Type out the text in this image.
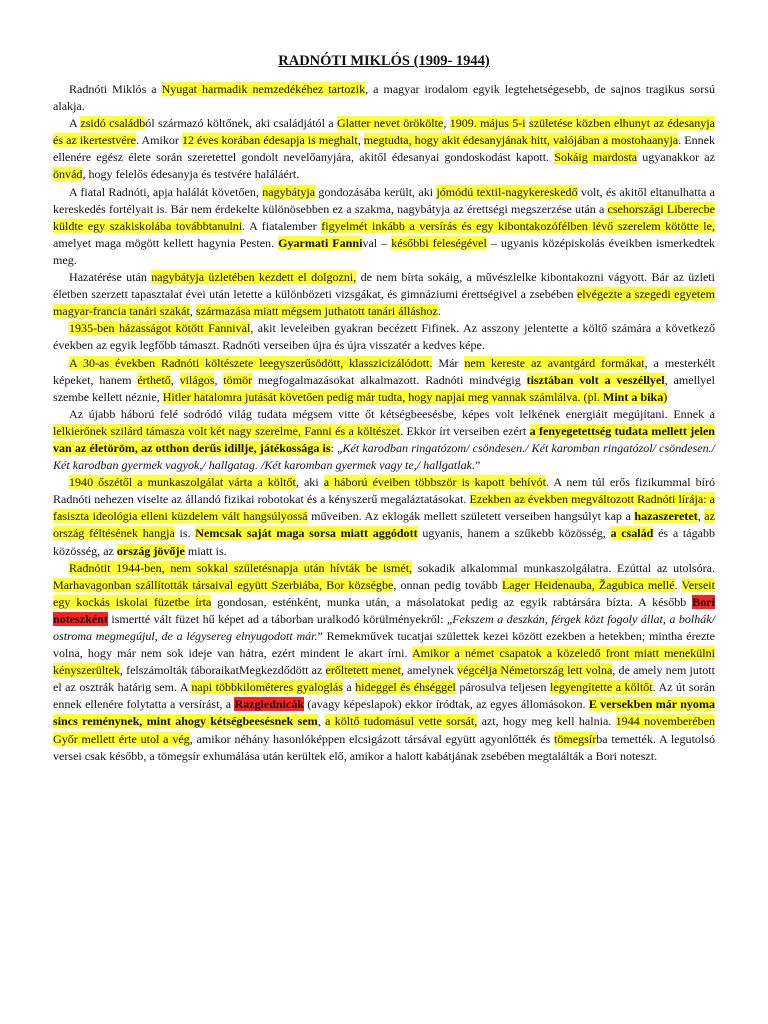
RADNÓTI MIKLÓS (1909- 1944)

Radnóti Miklós a Nyugat harmadik nemzedékéhez tartozik, a magyar irodalom egyik legtehetségesebb, de sajnos tragikus sorsú alakja.

A zsidó családból származó költőnek, aki családjától a Glatter nevet örökölte, 1909. május 5-i születése közben elhunyt az édesanyja és az ikertestvére. Amikor 12 éves korában édesapja is meghalt, megtudta, hogy akit édesanyjának hitt, valójában a mostohaanyja. Ennek ellenére egész élete során szeretettel gondolt nevelőanyjára, akitől édesanyai gondoskodást kapott. Sokáig mardosta ugyanakkor az önvád, hogy felelős édesanyja és testvére haláláért.

A fiatal Radnóti, apja halálát követően, nagybátyja gondozásába került, aki jómódú textil-nagykereskedő volt, és akitől eltanulhatta a kereskedés fortélyait is. Bár nem érdekelte különösebben ez a szakma, nagybátyja az érettségi megszerzése után a csehországi Liberecbe küldte egy szakiskolába továbbtanulni. A fiatalember figyelmét inkább a versírás és egy kibontakozófélben lévő szerelem kötötte le, amelyet maga mögött kellett hagynia Pesten. Gyarmati Fannival – későbbi feleségével – ugyanis középiskolás éveikben ismerkedtek meg.

Hazatérése után nagybátyja üzletében kezdett el dolgozni, de nem bírta sokáig, a művészlelke kibontakozni vágyott. Bár az üzleti életben szerzett tapasztalat évei után letette a különbözeti vizsgákat, és gimnáziumi érettségivel a zsebében elvégezte a szegedi egyetem magyar-francia tanári szakát, származása miatt mégsem juthatott tanári álláshoz.

1935-ben házasságot kötött Fannival, akit leveleiben gyakran becézett Fifinek. Az asszony jelentette a költő számára a következő években az egyik legfőbb támaszt. Radnóti verseiben újra és újra visszatér a kedves képe.

A 30-as években Radnóti költészete leegyszerűsödött, klasszicizálódott. Már nem kereste az avantgárd formákat, a mesterkélt képeket, hanem érthető, világos, tömör megfogalmazásokat alkalmazott. Radnóti mindvégig tisztában volt a veszéllyel, amellyel szembe kellett néznie, Hitler hatalomra jutását követően pedig már tudta, hogy napjai meg vannak számlálva. (pl. Mint a bika)

Az újabb háború felé sodródó világ tudata mégsem vitte őt kétségbeesésbe, képes volt lelkének energiáit megújítani. Ennek a lelkierőnek szilárd támasza volt két nagy szerelme, Fanni és a költészet. Ekkor írt verseiben ezért a fenyegetettség tudata mellett jelen van az életöröm, az otthon derűs idillje, játékossága is: „Két karodban ringatózom/ csöndesen./ Két karomban ringatózol/ csöndesen./ Két karodban gyermek vagyok,/ hallgatag. /Két karomban gyermek vagy te,/ hallgatlak.”

1940 őszétől a munkaszolgálat várta a költőt, aki a háború éveiben többször is kapott behívót. A nem túl erős fizikummal bíró Radnóti nehezen viselte az állandó fizikai robotokat és a kényszerű megaláztatásokat. Ezekben az években megváltozott Radnóti lírája: a fasiszta ideológia elleni küzdelem vált hangsúlyossá műveiben. Az eklogák mellett született verseiben hangsúlyt kap a hazaszeretet, az ország féltésének hangja is. Nemcsak saját maga sorsa miatt aggódott ugyanis, hanem a szűkebb közösség, a család és a tágabb közösség, az ország jövője miatt is.

Radnótit 1944-ben, nem sokkal születésnapja után hívták be ismét, sokadik alkalommal munkaszolgálatra. Ezúttal az utolsóra. Marhavagonban szállították társaival együtt Szerbiába, Bor községbe, onnan pedig tovább Lager Heidenauba, Žagubica mellé. Verseit egy kockás iskolai füzetbe írta gondosan, esténként, munka után, a másolatokat pedig az egyik rabtársára bízta. A később Bori noteszként ismertté vált füzet hű képet ad a táborban uralkodó körülményekről: „Fekszem a deszkán, férgek közt fogoly állat, a bolhák/ ostroma megmegújul, de a légysereg elnyugodott már.” Remekművek tucatjai születtek kezei között ezekben a hetekben; mintha érezte volna, hogy már nem sok ideje van hátra, ezért mindent le akart írni. Amikor a német csapatok a közeledő front miatt menekülni kényszerültek, felszámolták táboraikatMegkezdődött az erőltetett menet, amelynek végcélja Németország lett volna, de amely nem jutott el az osztrák határig sem. A napi többkilométeres gyaloglás a hideggel és éhséggel párosulva teljesen legyengítette a költőt. Az út során ennek ellenére folytatta a versírást, a Razglednicák (avagy képeslapok) ekkor íródtak, az egyes állomásokon. E versekben már nyoma sincs reménynek, mint ahogy kétségbeesésnek sem, a költő tudomásul vette sorsát, azt, hogy meg kell halnia. 1944 novemberében Győr mellett érte utol a vég, amikor néhány hasonlóképpen elcsigázott társával együtt agyonlőtték és tömegsírba temették. A legutolsó versei csak később, a tömegsír exhumálása után kerültek elő, amikor a halott kabátjának zsebében megtalálták a Bori noteszt.
